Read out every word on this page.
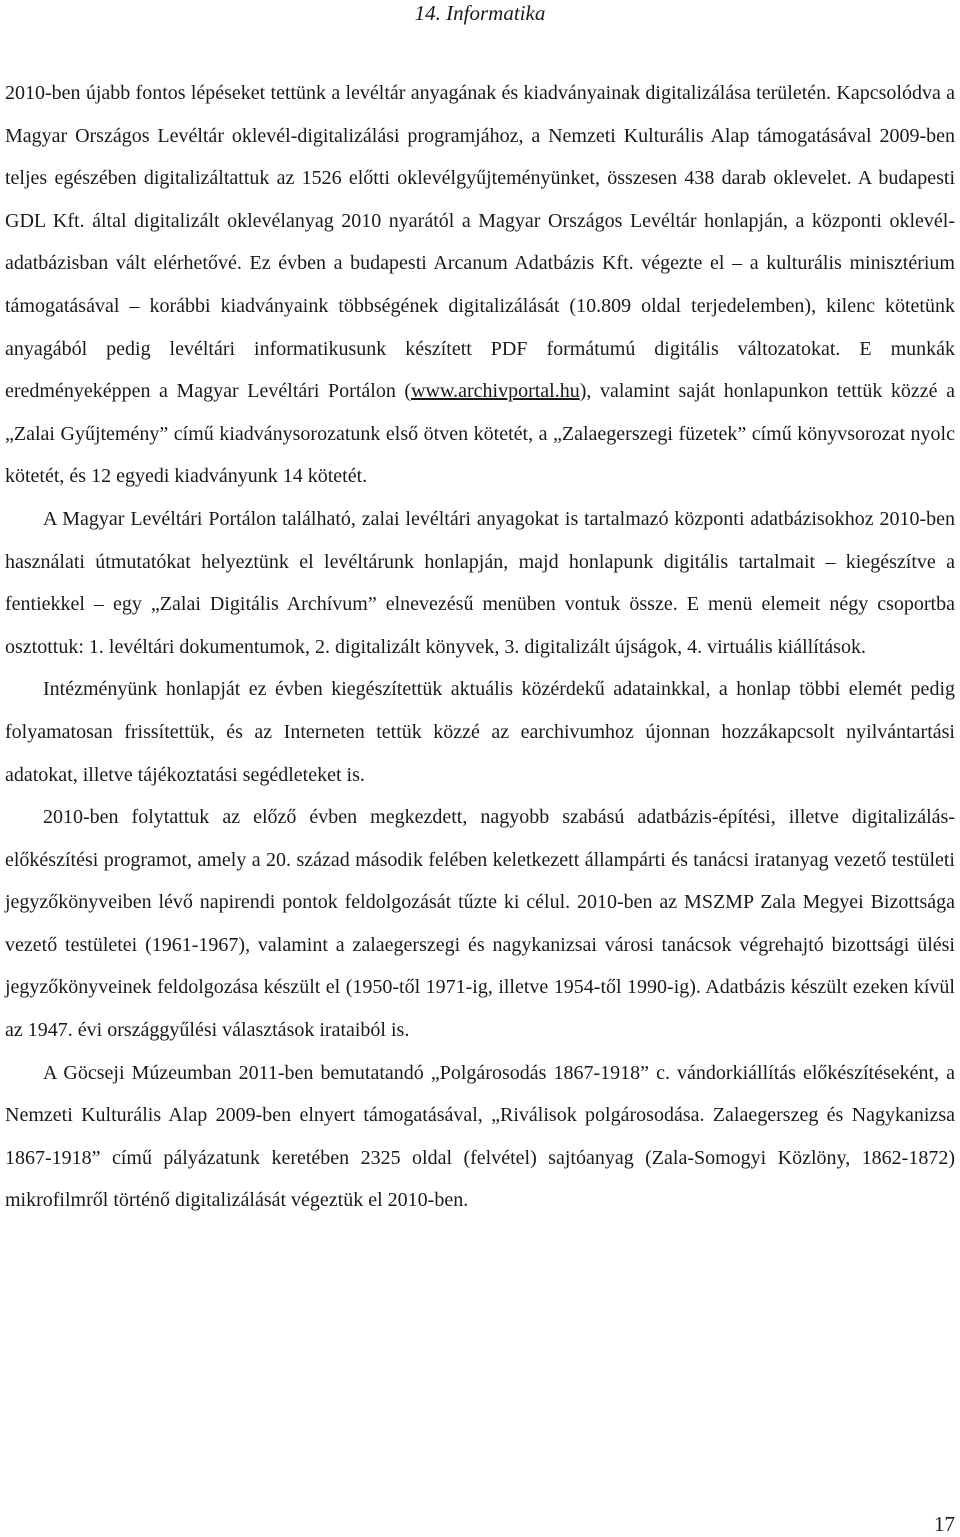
14. Informatika

2010-ben újabb fontos lépéseket tettünk a levéltár anyagának és kiadványainak digitalizálása területén. Kapcsolódva a Magyar Országos Levéltár oklevél-digitalizálási programjához, a Nemzeti Kulturális Alap támogatásával 2009-ben teljes egészében digitalizáltattuk az 1526 előtti oklevélgyűjteményünket, összesen 438 darab oklevelet. A budapesti GDL Kft. által digitalizált oklevélanyag 2010 nyarától a Magyar Országos Levéltár honlapján, a központi oklevél-adatbázisban vált elérhetővé. Ez évben a budapesti Arcanum Adatbázis Kft. végezte el – a kulturális minisztérium támogatásával – korábbi kiadványaink többségének digitalizálását (10.809 oldal terjedelemben), kilenc kötetünk anyagából pedig levéltári informatikusunk készített PDF formátumú digitális változatokat. E munkák eredményeképpen a Magyar Levéltári Portálon (www.archivportal.hu), valamint saját honlapunkon tettük közzé a „Zalai Gyűjtemény” című kiadványsorozatunk első ötven kötetét, a „Zalaegerszegi füzetek” című könyvsorozat nyolc kötetét, és 12 egyedi kiadványunk 14 kötetét.

A Magyar Levéltári Portálon található, zalai levéltári anyagokat is tartalmazó központi adatbázisokhoz 2010-ben használati útmutatókat helyeztünk el levéltárunk honlapján, majd honlapunk digitális tartalmait – kiegészítve a fentiekkel – egy „Zalai Digitális Archívum” elnevezésű menüben vontuk össze. E menü elemeit négy csoportba osztottuk: 1. levéltári dokumentumok, 2. digitalizált könyvek, 3. digitalizált újságok, 4. virtuális kiállítások.

Intézményünk honlapját ez évben kiegészítettük aktuális közérdekű adatainkkal, a honlap többi elemét pedig folyamatosan frissítettük, és az Interneten tettük közzé az earchivumhoz újonnan hozzákapcsolt nyilvántartási adatokat, illetve tájékoztatási segédleteket is.

2010-ben folytattuk az előző évben megkezdett, nagyobb szabású adatbázis-építési, illetve digitalizálás-előkészítési programot, amely a 20. század második felében keletkezett állampárti és tanácsi iratanyag vezető testületi jegyzőkönyveiben lévő napirendi pontok feldolgozását tűzte ki célul. 2010-ben az MSZMP Zala Megyei Bizottsága vezető testületei (1961-1967), valamint a zalaegerszegi és nagykanizsai városi tanácsok végrehajtó bizottsági ülési jegyzőkönyveinek feldolgozása készült el (1950-től 1971-ig, illetve 1954-től 1990-ig). Adatbázis készült ezeken kívül az 1947. évi országgyűlési választások irataiból is.

A Göcseji Múzeumban 2011-ben bemutatandó „Polgárosodás 1867-1918” c. vándorkiállítás előkészítéseként, a Nemzeti Kulturális Alap 2009-ben elnyert támogatásával, „Riválisok polgárosodása. Zalaegerszeg és Nagykanizsa 1867-1918” című pályázatunk keretében 2325 oldal (felvétel) sajtóanyag (Zala-Somogyi Közlöny, 1862-1872) mikrofilmről történő digitalizálását végeztük el 2010-ben.

17
